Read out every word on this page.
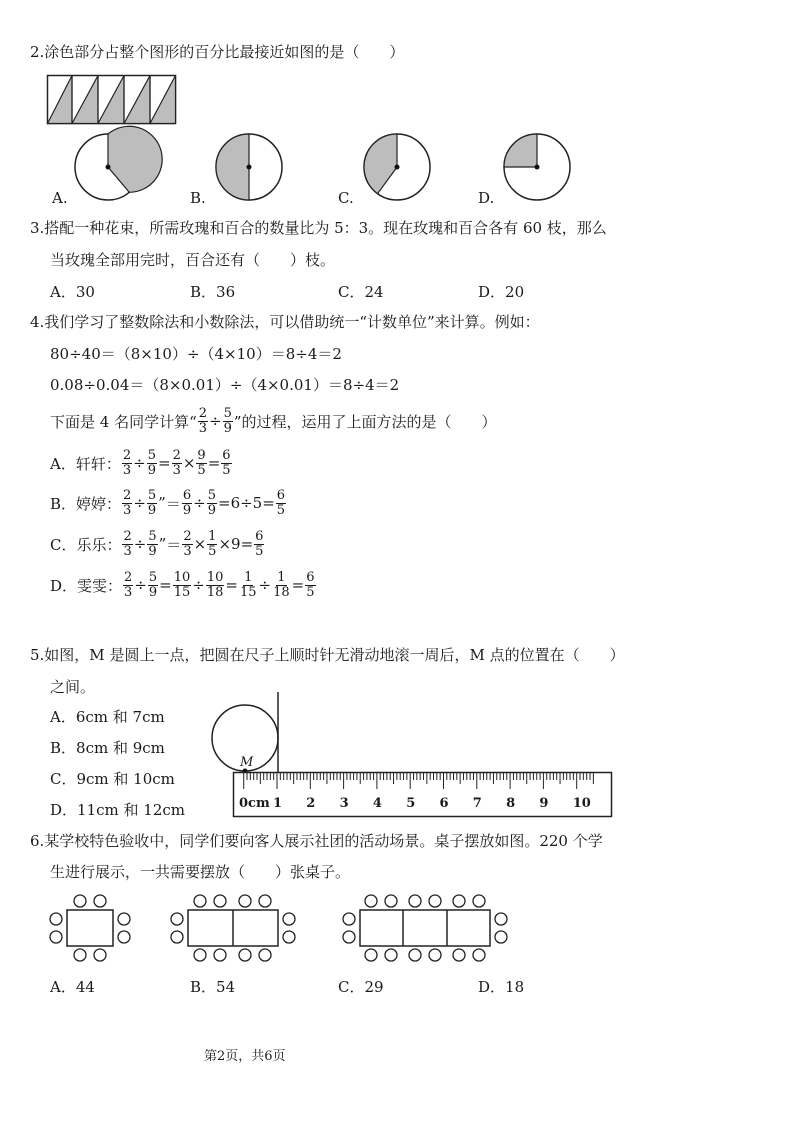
2.涂色部分占整个图形的百分比最接近如图的是（　　）
A.	B.	C.	D.
3.搭配一种花束，所需玫瑰和百合的数量比为 5：3。现在玫瑰和百合各有 60 枝，那么
当玫瑰全部用完时，百合还有（　　）枝。
A．30	B．36	C．24	D．20
4.我们学习了整数除法和小数除法，可以借助统一“计数单位”来计算。例如：
80÷40＝（8×10）÷（4×10）＝8÷4＝2
0.08÷0.04＝（8×0.01）÷（4×0.01）＝8÷4＝2
下面是 4 名同学计算“ $\frac{2}{3} \div \frac{5}{9}$ ”的过程，运用了上面方法的是（　　）
A．轩轩： $\frac{2}{3} \div \frac{5}{9} = \frac{2}{3} \times \frac{9}{5} = \frac{6}{5}$
B．婷婷： $\frac{2}{3} \div \frac{5}{9}$ ” ＝ $\frac{6}{9} \div \frac{5}{9} =6\div 5= \frac{6}{5}$
C．乐乐： $\frac{2}{3} \div \frac{5}{9}$ ” ＝ $\frac{2}{3} \times \frac{1}{5} \times 9= \frac{6}{5}$
D．雯雯： $\frac{2}{3} \div \frac{5}{9} = \frac{10}{15} \div \frac{10}{18} = \frac{1}{15} \div \frac{1}{18} = \frac{6}{5}$
5.如图，M 是圆上一点，把圆在尺子上顺时针无滑动地滚一周后，M 点的位置在（　　）
之间。
A．6cm 和 7cm
B．8cm 和 9cm
C．9cm 和 10cm
D．11cm 和 12cm
M
0cm 1 2 3 4 5 6 7 8 9 10
6.某学校特色验收中，同学们要向客人展示社团的活动场景。桌子摆放如图。220 个学
生进行展示，一共需要摆放（　　）张桌子。
A．44	B．54	C．29	D．18
第2页，共6页
